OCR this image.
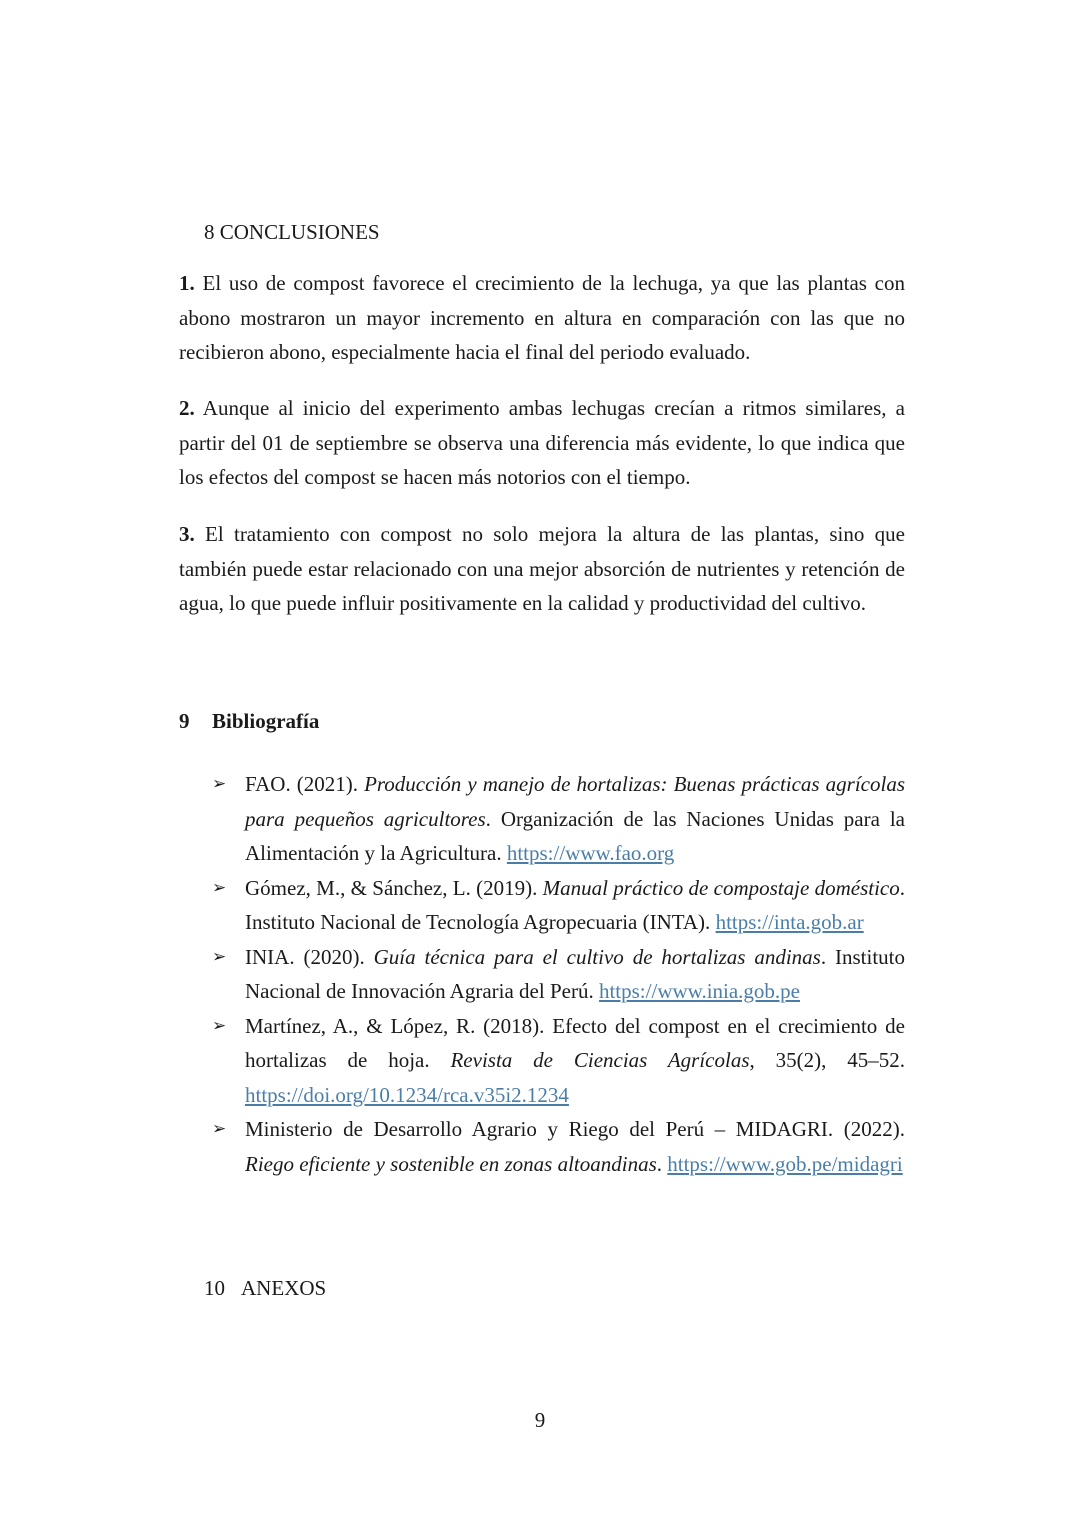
8 CONCLUSIONES
1. El uso de compost favorece el crecimiento de la lechuga, ya que las plantas con abono mostraron un mayor incremento en altura en comparación con las que no recibieron abono, especialmente hacia el final del periodo evaluado.
2. Aunque al inicio del experimento ambas lechugas crecían a ritmos similares, a partir del 01 de septiembre se observa una diferencia más evidente, lo que indica que los efectos del compost se hacen más notorios con el tiempo.
3. El tratamiento con compost no solo mejora la altura de las plantas, sino que también puede estar relacionado con una mejor absorción de nutrientes y retención de agua, lo que puede influir positivamente en la calidad y productividad del cultivo.
9 Bibliografía
➢ FAO. (2021). Producción y manejo de hortalizas: Buenas prácticas agrícolas para pequeños agricultores. Organización de las Naciones Unidas para la Alimentación y la Agricultura. https://www.fao.org
➢ Gómez, M., & Sánchez, L. (2019). Manual práctico de compostaje doméstico. Instituto Nacional de Tecnología Agropecuaria (INTA). https://inta.gob.ar
➢ INIA. (2020). Guía técnica para el cultivo de hortalizas andinas. Instituto Nacional de Innovación Agraria del Perú. https://www.inia.gob.pe
➢ Martínez, A., & López, R. (2018). Efecto del compost en el crecimiento de hortalizas de hoja. Revista de Ciencias Agrícolas, 35(2), 45–52. https://doi.org/10.1234/rca.v35i2.1234
➢ Ministerio de Desarrollo Agrario y Riego del Perú – MIDAGRI. (2022). Riego eficiente y sostenible en zonas altoandinas. https://www.gob.pe/midagri
10 ANEXOS
9
